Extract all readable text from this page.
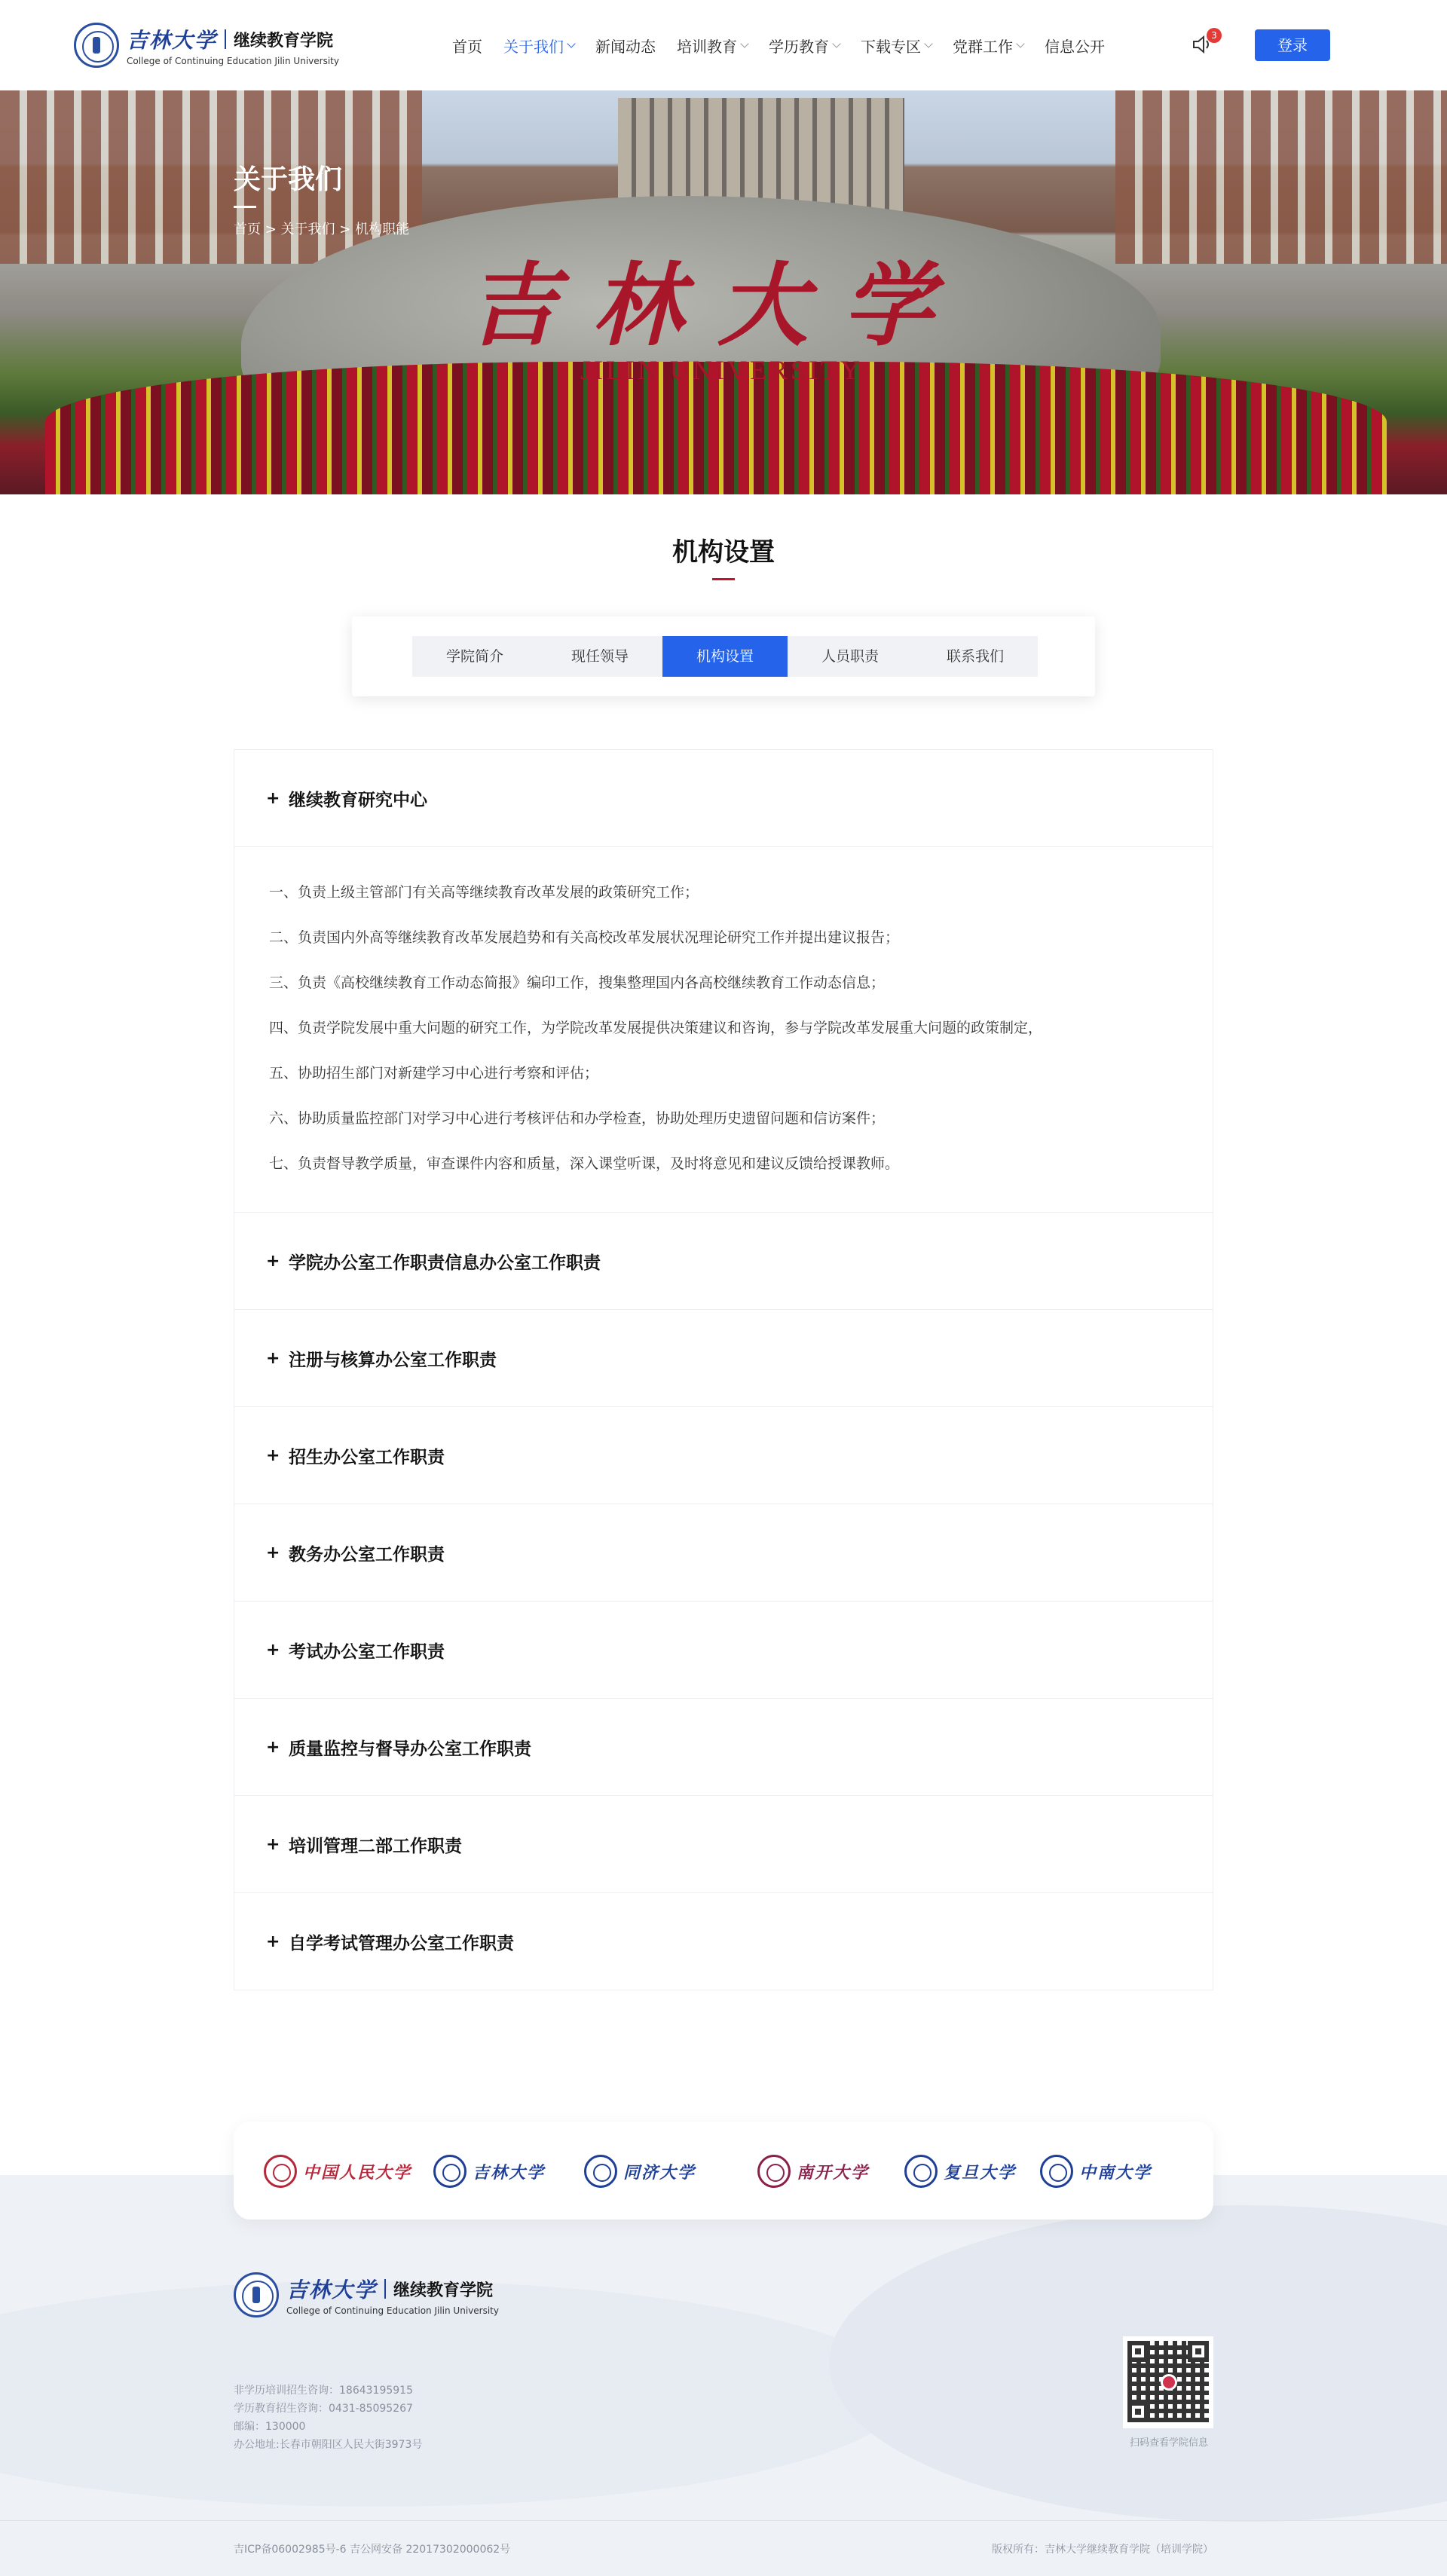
吉林大学 继续教育学院
College of Continuing Education Jilin University
首页 关于我们 新闻动态 培训教育 学历教育 下载专区 党群工作 信息公开
3
登录
吉林大学
JILIN UNIVERSITY
关于我们
首页 > 关于我们 > 机构职能
机构设置
学院简介	现任领导	机构设置	人员职责	联系我们
+ 继续教育研究中心
一、负责上级主管部门有关高等继续教育改革发展的政策研究工作；
二、负责国内外高等继续教育改革发展趋势和有关高校改革发展状况理论研究工作并提出建议报告；
三、负责《高校继续教育工作动态简报》编印工作，搜集整理国内各高校继续教育工作动态信息；
四、负责学院发展中重大问题的研究工作，为学院改革发展提供决策建议和咨询，参与学院改革发展重大问题的政策制定，
五、协助招生部门对新建学习中心进行考察和评估；
六、协助质量监控部门对学习中心进行考核评估和办学检查，协助处理历史遗留问题和信访案件；
七、负责督导教学质量，审查课件内容和质量，深入课堂听课，及时将意见和建议反馈给授课教师。
+ 学院办公室工作职责信息办公室工作职责
+ 注册与核算办公室工作职责
+ 招生办公室工作职责
+ 教务办公室工作职责
+ 考试办公室工作职责
+ 质量监控与督导办公室工作职责
+ 培训管理二部工作职责
+ 自学考试管理办公室工作职责
中国人民大学	吉林大学	同济大学	南开大学	复旦大学	中南大学
吉林大学 继续教育学院
College of Continuing Education Jilin University
非学历培训招生咨询：18643195915
学历教育招生咨询：0431-85095267
邮编：130000
办公地址:长春市朝阳区人民大街3973号	扫码查看学院信息
吉ICP备06002985号-6 吉公网安备 22017302000062号	版权所有：吉林大学继续教育学院（培训学院）
